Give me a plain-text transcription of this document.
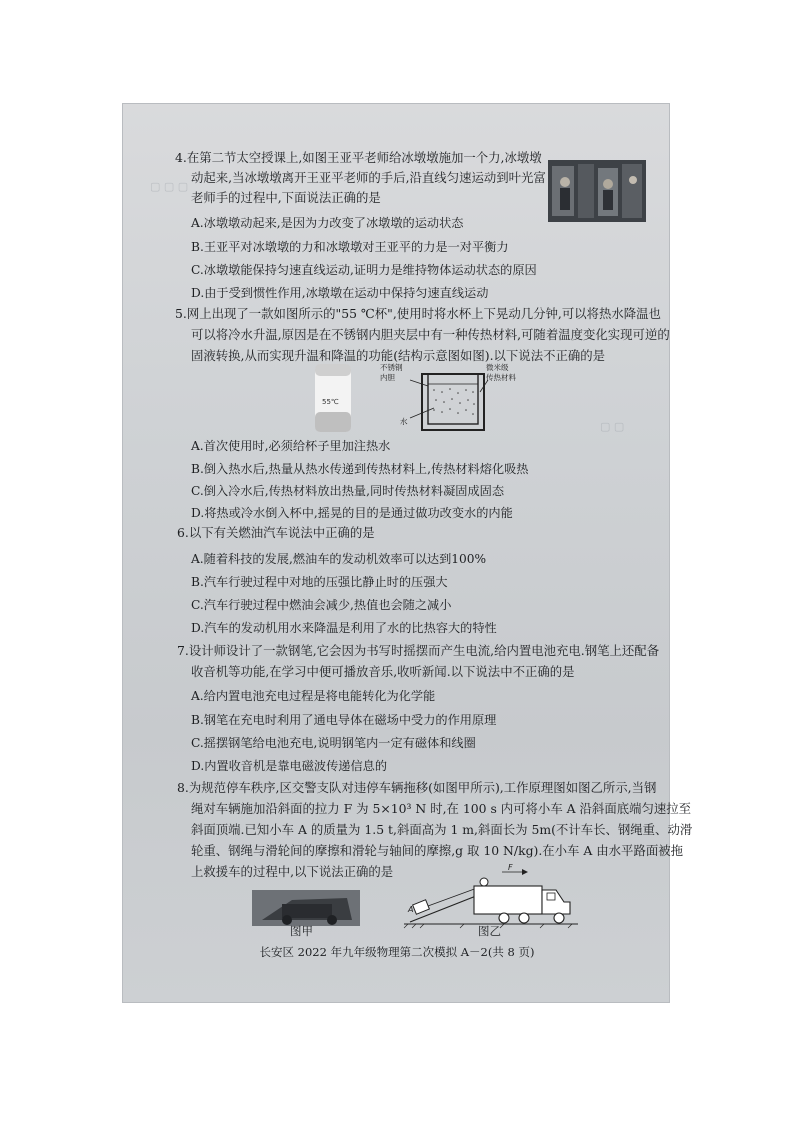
▢ ▢ ▢
▢ ▢
4.在第二节太空授课上,如图王亚平老师给冰墩墩施加一个力,冰墩墩
动起来,当冰墩墩离开王亚平老师的手后,沿直线匀速运动到叶光富
老师手的过程中,下面说法正确的是
A.冰墩墩动起来,是因为力改变了冰墩墩的运动状态
B.王亚平对冰墩墩的力和冰墩墩对王亚平的力是一对平衡力
C.冰墩墩能保持匀速直线运动,证明力是维持物体运动状态的原因
D.由于受到惯性作用,冰墩墩在运动中保持匀速直线运动
5.网上出现了一款如图所示的"55 ℃杯",使用时将水杯上下晃动几分钟,可以将热水降温也
可以将冷水升温,原因是在不锈钢内胆夹层中有一种传热材料,可随着温度变化实现可逆的
固液转换,从而实现升温和降温的功能(结构示意图如图).以下说法不正确的是
55℃
不锈钢
内胆
微米级
传热材料
水
A.首次使用时,必须给杯子里加注热水
B.倒入热水后,热量从热水传递到传热材料上,传热材料熔化吸热
C.倒入冷水后,传热材料放出热量,同时传热材料凝固成固态
D.将热或冷水倒入杯中,摇晃的目的是通过做功改变水的内能
6.以下有关燃油汽车说法中正确的是
A.随着科技的发展,燃油车的发动机效率可以达到100%
B.汽车行驶过程中对地的压强比静止时的压强大
C.汽车行驶过程中燃油会减少,热值也会随之减小
D.汽车的发动机用水来降温是利用了水的比热容大的特性
7.设计师设计了一款钢笔,它会因为书写时摇摆而产生电流,给内置电池充电.钢笔上还配备
收音机等功能,在学习中便可播放音乐,收听新闻.以下说法中不正确的是
A.给内置电池充电过程是将电能转化为化学能
B.钢笔在充电时利用了通电导体在磁场中受力的作用原理
C.摇摆钢笔给电池充电,说明钢笔内一定有磁体和线圈
D.内置收音机是靠电磁波传递信息的
8.为规范停车秩序,区交警支队对违停车辆拖移(如图甲所示),工作原理图如图乙所示,当钢
绳对车辆施加沿斜面的拉力 F 为 5×10³ N 时,在 100 s 内可将小车 A 沿斜面底端匀速拉至
斜面顶端.已知小车 A 的质量为 1.5 t,斜面高为 1 m,斜面长为 5m(不计车长、钢绳重、动滑
轮重、钢绳与滑轮间的摩擦和滑轮与轴间的摩擦,g 取 10 N/kg).在小车 A 由水平路面被拖
上救援车的过程中,以下说法正确的是
A
F
图甲	图乙
长安区 2022 年九年级物理第二次模拟 A－2(共 8 页)
